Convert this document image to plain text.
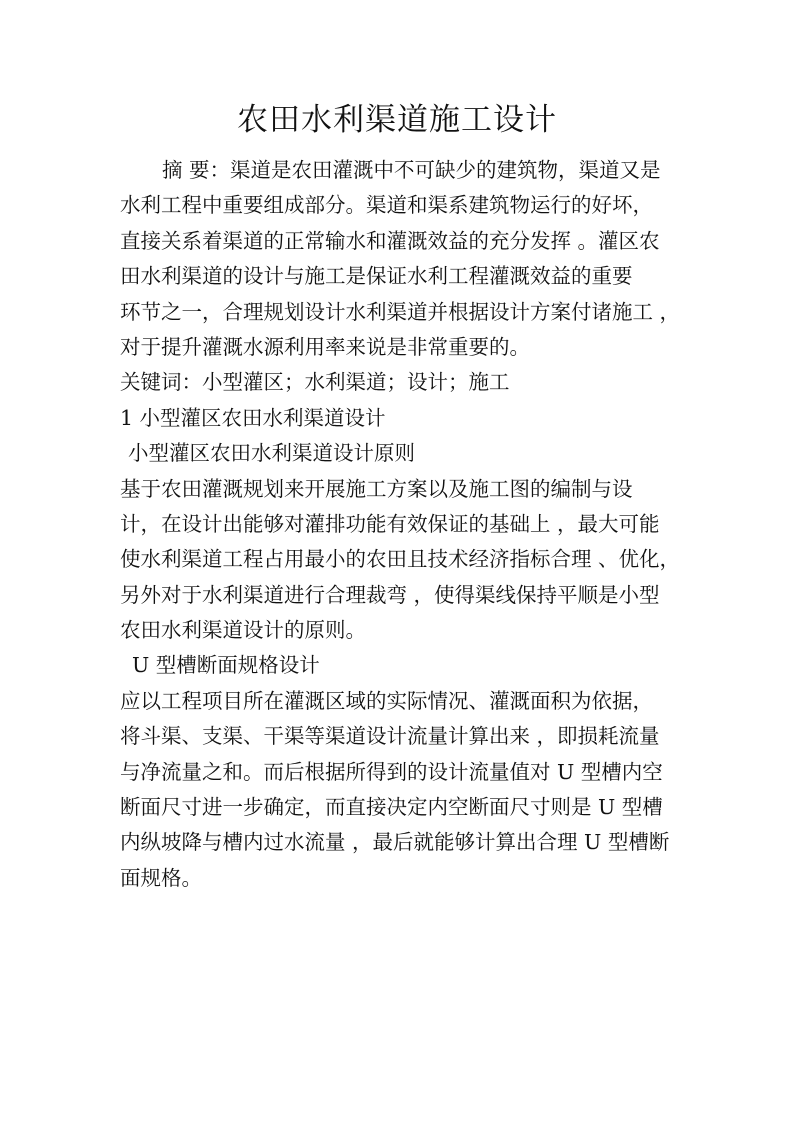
农田水利渠道施工设计
摘 要：渠道是农田灌溉中不可缺少的建筑物，渠道又是
水利工程中重要组成部分。渠道和渠系建筑物运行的好坏，
直接关系着渠道的正常输水和灌溉效益的充分发挥 。灌区农
田水利渠道的设计与施工是保证水利工程灌溉效益的重要
环节之一，合理规划设计水利渠道并根据设计方案付诸施工 ，
对于提升灌溉水源利用率来说是非常重要的。
关键词：小型灌区；水利渠道；设计；施工
1 小型灌区农田水利渠道设计
小型灌区农田水利渠道设计原则
基于农田灌溉规划来开展施工方案以及施工图的编制与设
计，在设计出能够对灌排功能有效保证的基础上 ，最大可能
使水利渠道工程占用最小的农田且技术经济指标合理 、优化，
另外对于水利渠道进行合理裁弯 ，使得渠线保持平顺是小型
农田水利渠道设计的原则。
U 型槽断面规格设计
应以工程项目所在灌溉区域的实际情况、灌溉面积为依据，
将斗渠、支渠、干渠等渠道设计流量计算出来 ，即损耗流量
与净流量之和。而后根据所得到的设计流量值对 U 型槽内空
断面尺寸进一步确定，而直接决定内空断面尺寸则是 U 型槽
内纵坡降与槽内过水流量 ，最后就能够计算出合理 U 型槽断
面规格。
